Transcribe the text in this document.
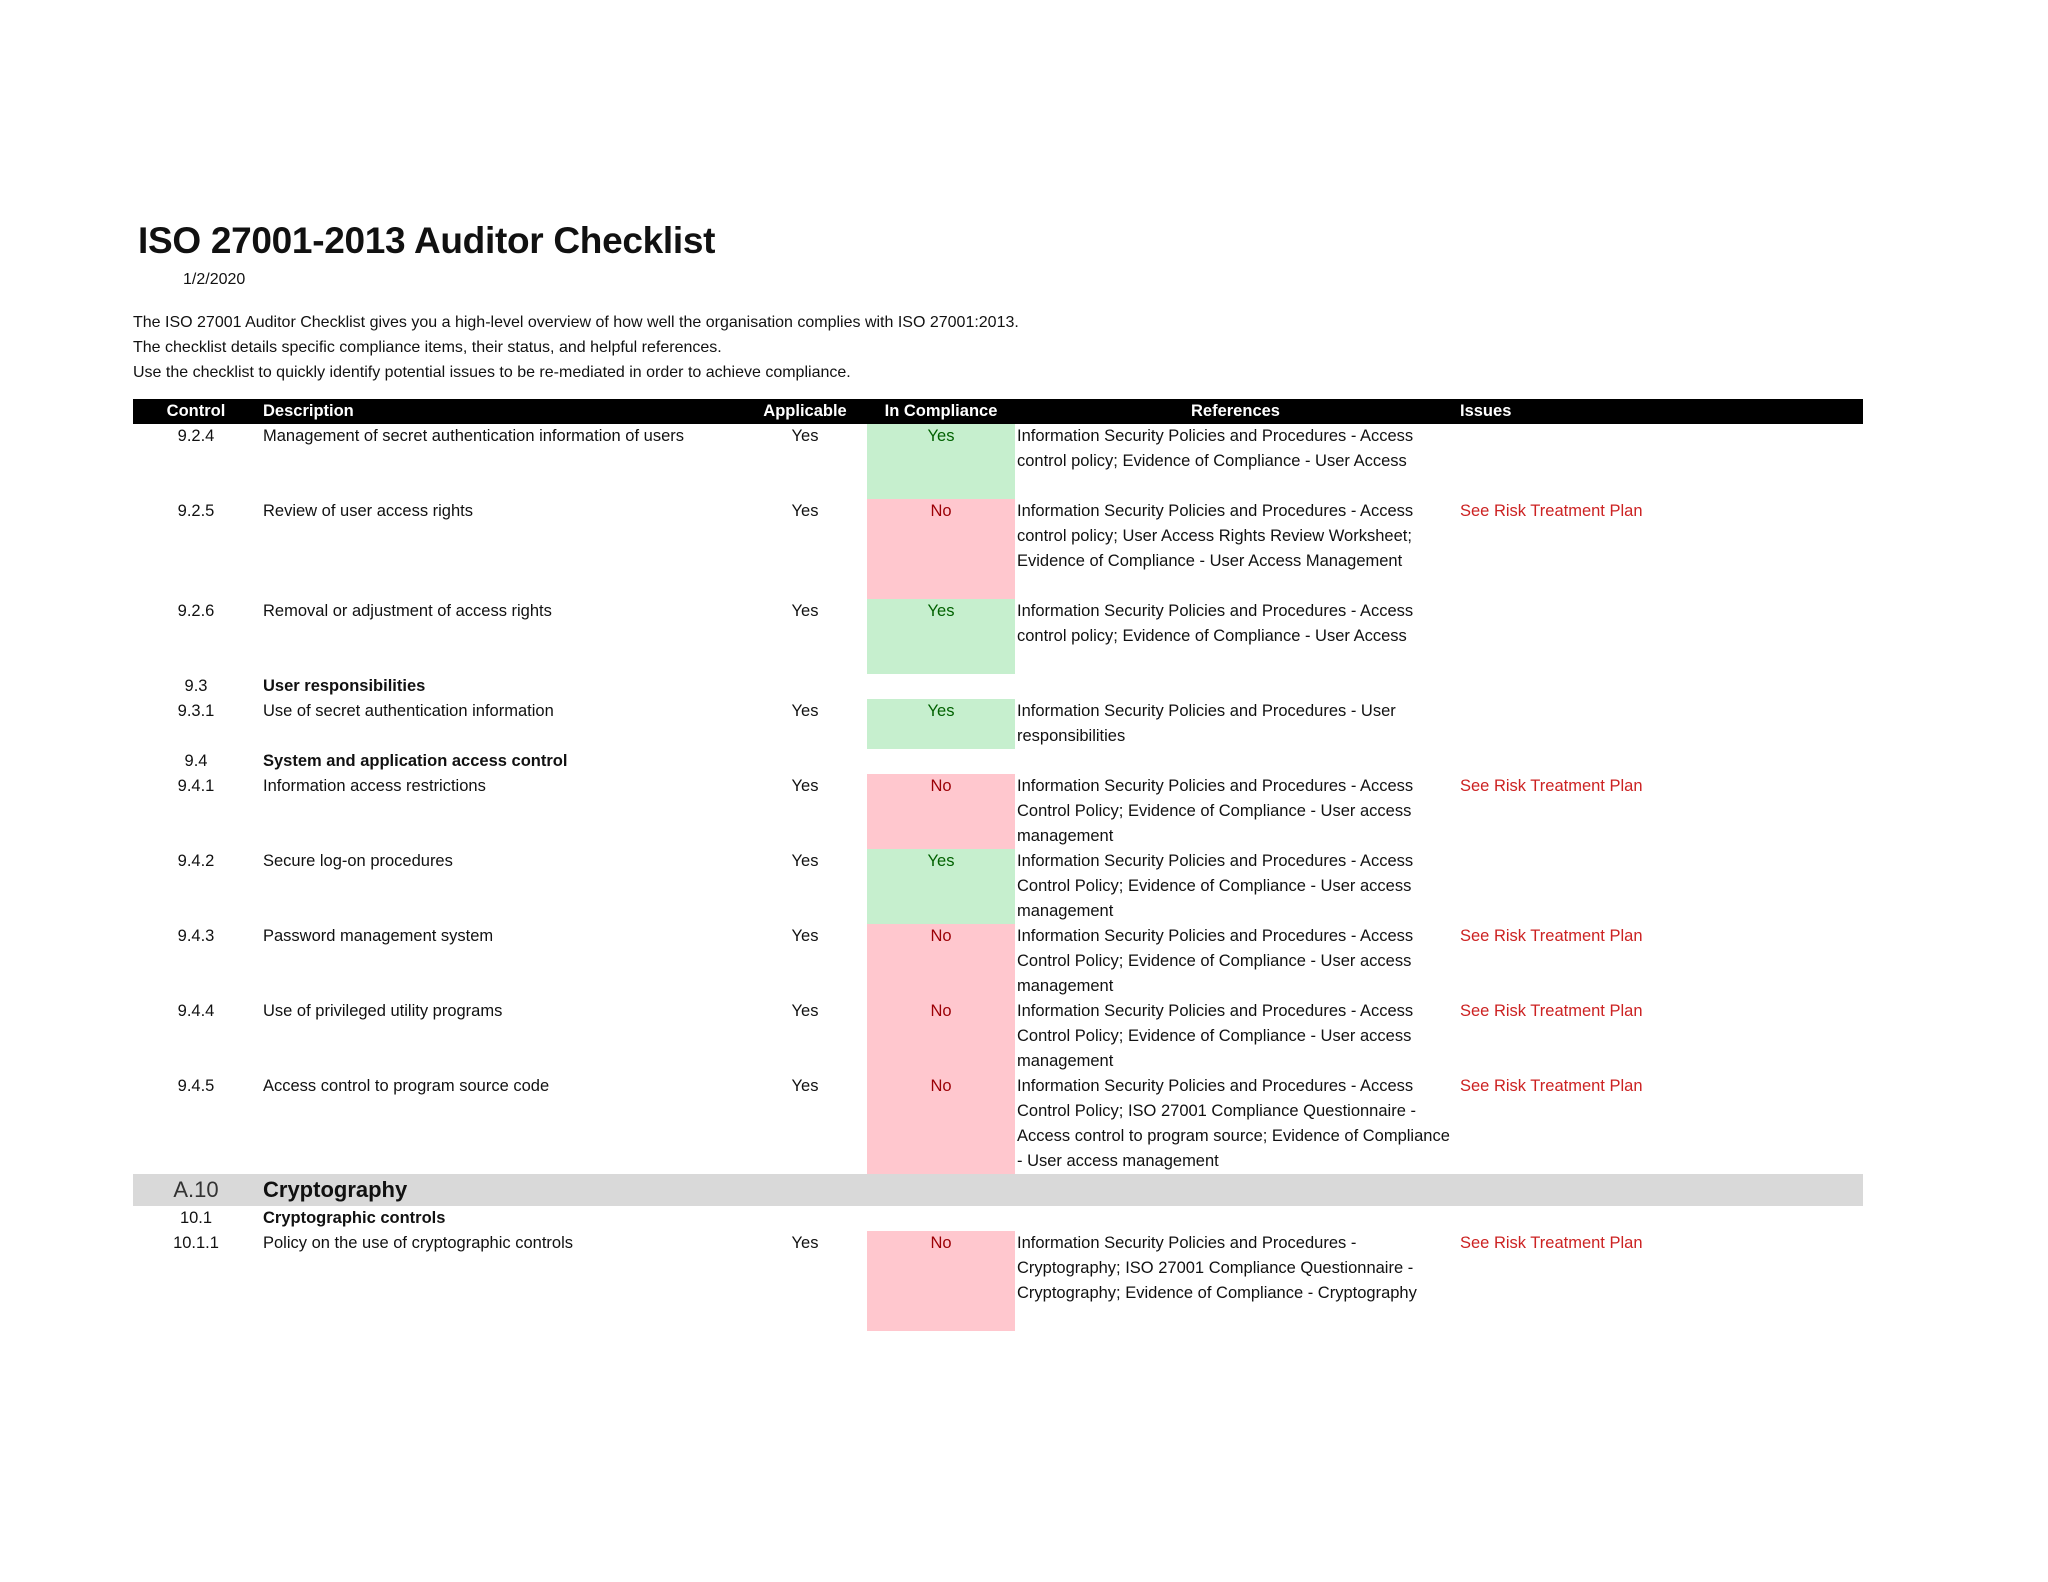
ISO 27001-2013 Auditor Checklist
1/2/2020
The ISO 27001 Auditor Checklist gives you a high-level overview of how well the organisation complies with ISO 27001:2013.
The checklist details specific compliance items, their status, and helpful references.
Use the checklist to quickly identify potential issues to be re-mediated in order to achieve compliance.
Control	Description	Applicable	In Compliance	References	Issues
9.2.4	Management of secret authentication information of users	Yes	Yes	Information Security Policies and Procedures - Access control policy; Evidence of Compliance - User Access	
9.2.5	Review of user access rights	Yes	No	Information Security Policies and Procedures - Access control policy; User Access Rights Review Worksheet; Evidence of Compliance - User Access Management	See Risk Treatment Plan
9.2.6	Removal or adjustment of access rights	Yes	Yes	Information Security Policies and Procedures - Access control policy; Evidence of Compliance - User Access	
9.3	User responsibilities				
9.3.1	Use of secret authentication information	Yes	Yes	Information Security Policies and Procedures - User responsibilities	
9.4	System and application access control				
9.4.1	Information access restrictions	Yes	No	Information Security Policies and Procedures - Access Control Policy; Evidence of Compliance - User access management	See Risk Treatment Plan
9.4.2	Secure log-on procedures	Yes	Yes	Information Security Policies and Procedures - Access Control Policy; Evidence of Compliance - User access management	
9.4.3	Password management system	Yes	No	Information Security Policies and Procedures - Access Control Policy; Evidence of Compliance - User access management	See Risk Treatment Plan
9.4.4	Use of privileged utility programs	Yes	No	Information Security Policies and Procedures - Access Control Policy; Evidence of Compliance - User access management	See Risk Treatment Plan
9.4.5	Access control to program source code	Yes	No	Information Security Policies and Procedures - Access Control Policy; ISO 27001 Compliance Questionnaire - Access control to program source; Evidence of Compliance - User access management	See Risk Treatment Plan
A.10	Cryptography				
10.1	Cryptographic controls				
10.1.1	Policy on the use of cryptographic controls	Yes	No	Information Security Policies and Procedures - Cryptography; ISO 27001 Compliance Questionnaire - Cryptography; Evidence of Compliance - Cryptography	See Risk Treatment Plan
